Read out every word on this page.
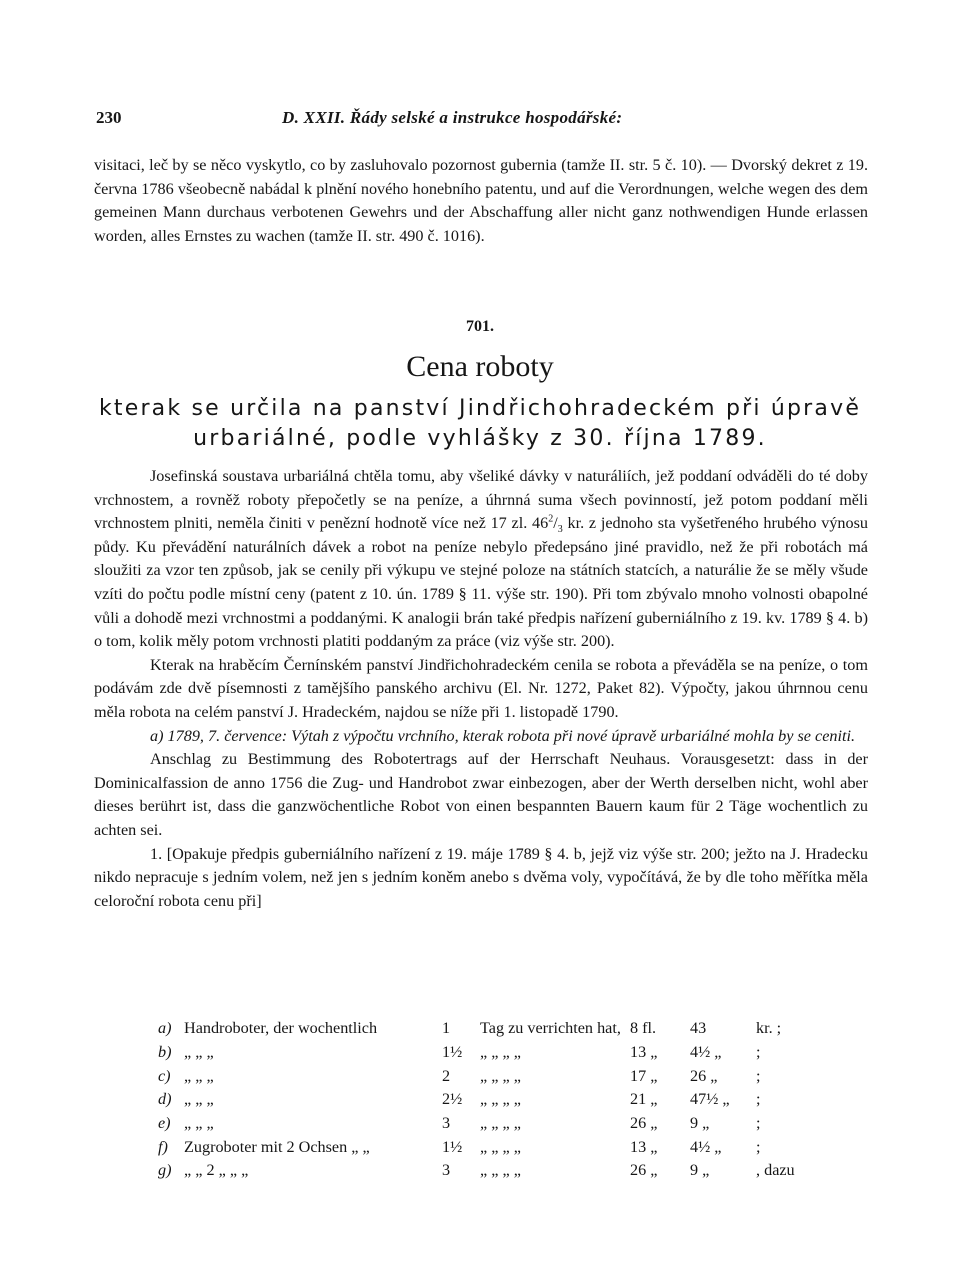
230	D. XXII. Řády selské a instrukce hospodářské:

visitaci, leč by se něco vyskytlo, co by zasluhovalo pozornost gubernia (tamže II. str. 5 č. 10). — Dvorský dekret z 19. června 1786 všeobecně nabádal k plnění nového honebního patentu, und auf die Verordnungen, welche wegen des dem gemeinen Mann durchaus verbotenen Gewehrs und der Abschaffung aller nicht ganz nothwendigen Hunde erlassen worden, alles Ernstes zu wachen (tamže II. str. 490 č. 1016).

701.
Cena roboty
kterak se určila na panství Jindřichohradeckém při úpravě
urbariálné, podle vyhlášky z 30. října 1789.

Josefinská soustava urbariálná chtěla tomu, aby všeliké dávky v naturáliích, jež poddaní odváděli do té doby vrchnostem, a rovněž roboty přepočetly se na peníze, a úhrnná suma všech povinností, jež potom poddaní měli vrchnostem plniti, neměla činiti v penězní hodnotě více než 17 zl. $46^2/_3$ kr. z jednoho sta vyšetřeného hrubého výnosu půdy. Ku převádění naturálních dávek a robot na peníze nebylo předepsáno jiné pravidlo, než že při robotách má sloužiti za vzor ten způsob, jak se cenily při výkupu ve stejné poloze na státních statcích, a naturálie že se měly všude vzíti do počtu podle místní ceny (patent z 10. ún. 1789 § 11. výše str. 190). Při tom zbývalo mnoho volnosti obapolné vůli a dohodě mezi vrchnostmi a poddanými. K analogii brán také předpis nařízení guberniálního z 19. kv. 1789 § 4. b) o tom, kolik měly potom vrchnosti platiti poddaným za práce (viz výše str. 200).

Kterak na hraběcím Černínském panství Jindřichohradeckém cenila se robota a převáděla se na peníze, o tom podávám zde dvě písemnosti z tamějšího panského archivu (El. Nr. 1272, Paket 82). Výpočty, jakou úhrnnou cenu měla robota na celém panství J. Hradeckém, najdou se níže při 1. listopadě 1790.

a) 1789, 7. července: Výtah z výpočtu vrchního, kterak robota při nové úpravě urbariálné mohla by se ceniti.

Anschlag zu Bestimmung des Robotertrags auf der Herrschaft Neuhaus. Vorausgesetzt: dass in der Dominicalfassion de anno 1756 die Zug- und Handrobot zwar einbezogen, aber der Werth derselben nicht, wohl aber dieses berührt ist, dass die ganzwöchentliche Robot von einen bespannten Bauern kaum für 2 Täge wochentlich zu achten sei.

1. [Opakuje předpis guberniálního nařízení z 19. máje 1789 § 4. b, jejž viz výše str. 200; ježto na J. Hradecku nikdo nepracuje s jedním volem, než jen s jedním koněm anebo s dvěma voly, vypočítává, že by dle toho měřítka měla celoroční robota cenu při]

a)	Handroboter, der wochentlich	1	Tag zu verrichten hat,	8 fl.	43	kr. ;
b)	„ „ „	1½	„ „ „ „	13 „	4½ „	;
c)	„ „ „	2	„ „ „ „	17 „	26 „	;
d)	„ „ „	2½	„ „ „ „	21 „	47½ „	;
e)	„ „ „	3	„ „ „ „	26 „	9 „	;
f)	Zugroboter mit 2 Ochsen „ „	1½	„ „ „ „	13 „	4½ „	;
g)	„ „ 2 „ „ „	3	„ „ „ „	26 „	9 „	, dazu
